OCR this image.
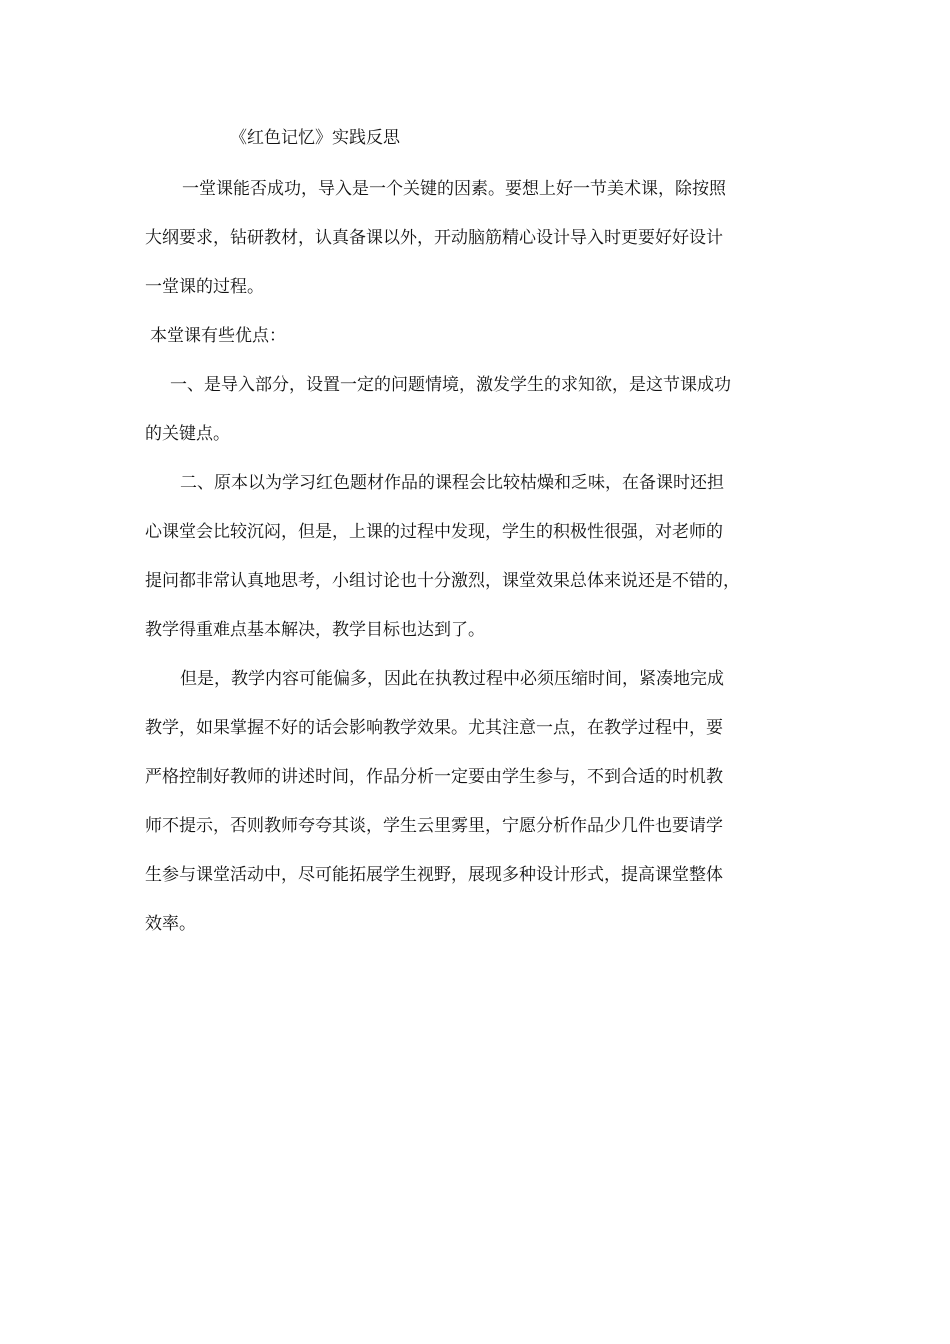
《红色记忆》实践反思

一堂课能否成功，导入是一个关键的因素。要想上好一节美术课，除按照

大纲要求，钻研教材，认真备课以外，开动脑筋精心设计导入时更要好好设计

一堂课的过程。

本堂课有些优点：

一、是导入部分，设置一定的问题情境，激发学生的求知欲，是这节课成功

的关键点。

二、原本以为学习红色题材作品的课程会比较枯燥和乏味，在备课时还担

心课堂会比较沉闷，但是，上课的过程中发现，学生的积极性很强，对老师的

提问都非常认真地思考，小组讨论也十分激烈，课堂效果总体来说还是不错的，

教学得重难点基本解决，教学目标也达到了。

但是，教学内容可能偏多，因此在执教过程中必须压缩时间，紧凑地完成

教学，如果掌握不好的话会影响教学效果。尤其注意一点，在教学过程中，要

严格控制好教师的讲述时间，作品分析一定要由学生参与，不到合适的时机教

师不提示，否则教师夸夸其谈，学生云里雾里，宁愿分析作品少几件也要请学

生参与课堂活动中，尽可能拓展学生视野，展现多种设计形式，提高课堂整体

效率。
